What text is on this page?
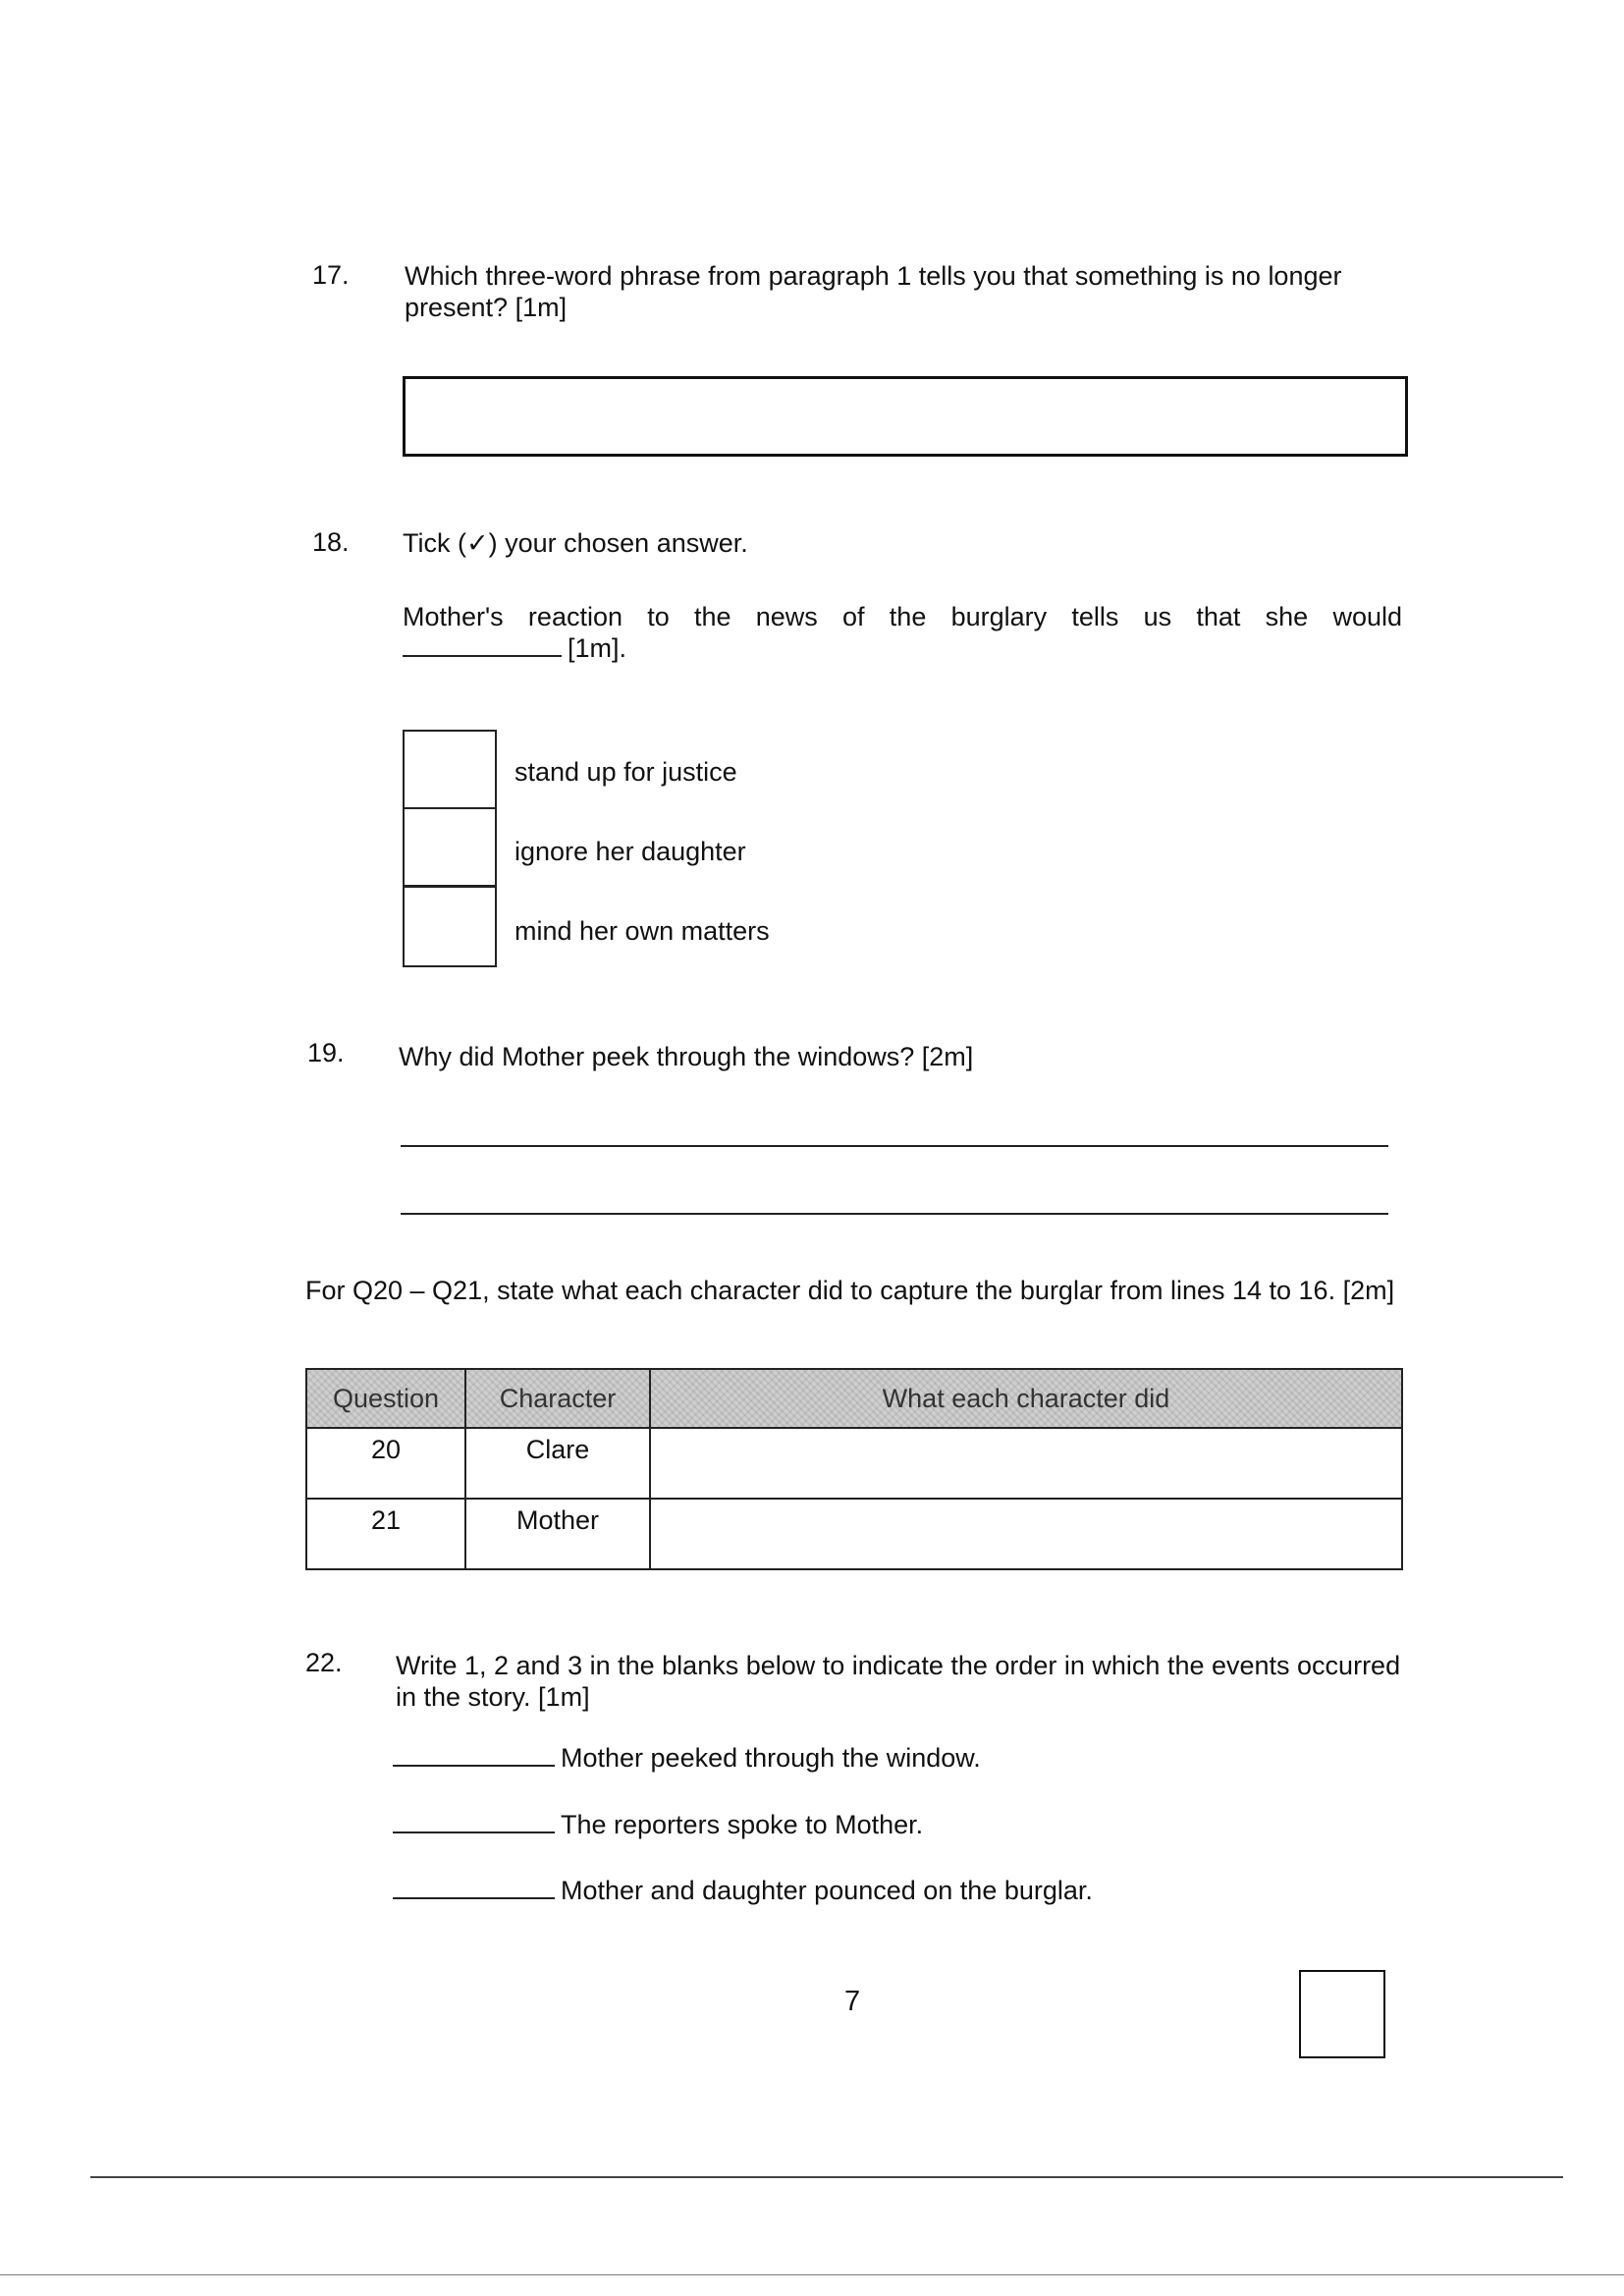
17. Which three-word phrase from paragraph 1 tells you that something is no longer present? [1m]
18. Tick (✓) your chosen answer.
Mother's reaction to the news of the burglary tells us that she would
[1m].
stand up for justice
ignore her daughter
mind her own matters
19. Why did Mother peek through the windows? [2m]
For Q20 – Q21, state what each character did to capture the burglar from lines 14 to 16. [2m]
Question	Character	What each character did
20	Clare	
21	Mother	
22. Write 1, 2 and 3 in the blanks below to indicate the order in which the events occurred in the story. [1m]
Mother peeked through the window.
The reporters spoke to Mother.
Mother and daughter pounced on the burglar.
7
